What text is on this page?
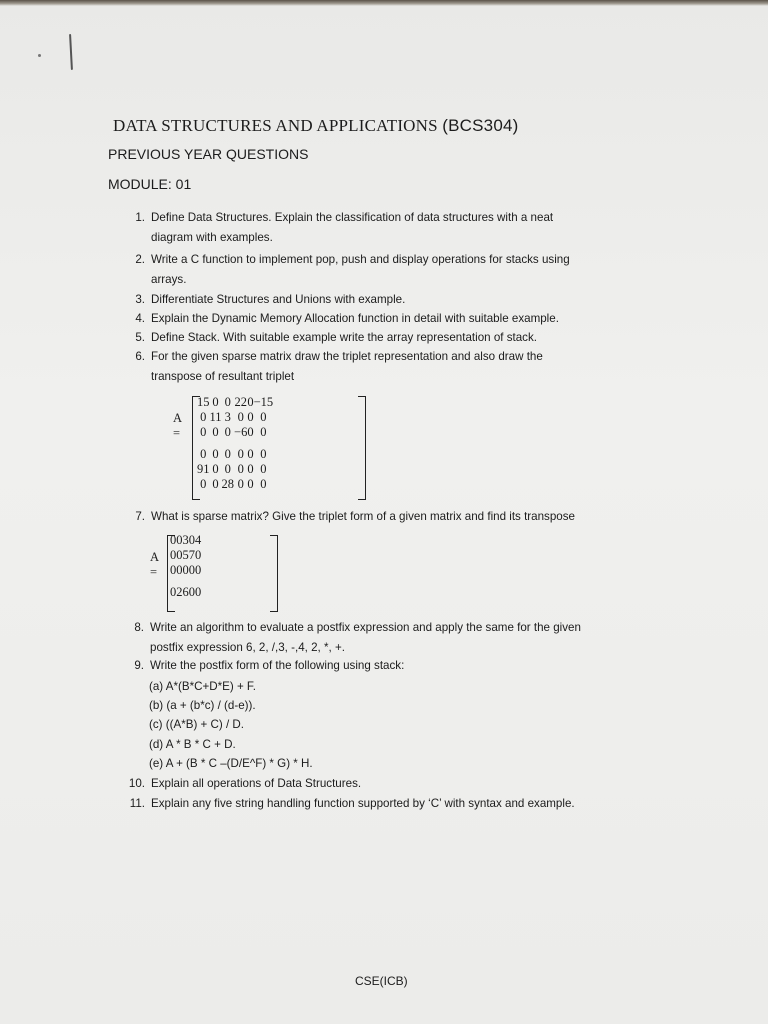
DATA STRUCTURES AND APPLICATIONS (BCS304)
PREVIOUS YEAR QUESTIONS
MODULE: 01
1. Define Data Structures. Explain the classification of data structures with a neat
diagram with examples.
2. Write a C function to implement pop, push and display operations for stacks using
arrays.
3. Differentiate Structures and Unions with example.
4. Explain the Dynamic Memory Allocation function in detail with suitable example.
5. Define Stack. With suitable example write the array representation of stack.
6. For the given sparse matrix draw the triplet representation and also draw the
transpose of resultant triplet
A =
15	0	0	22	0	−15
0	11	3	0	0	0
0	0	0	−6	0	0
0	0	0	0	0	0
91	0	0	0	0	0
0	0	28	0	0	0
7. What is sparse matrix? Give the triplet form of a given matrix and find its transpose
A =
0	0	3	0	4
0	0	5	7	0
0	0	0	0	0
0	2	6	0	0
8. Write an algorithm to evaluate a postfix expression and apply the same for the given
postfix expression 6, 2, /,3, -,4, 2, *, +.
9. Write the postfix form of the following using stack:
(a) A*(B*C+D*E) + F.
(b) (a + (b*c) / (d-e)).
(c) ((A*B) + C) / D.
(d) A * B * C + D.
(e) A + (B * C –(D/E^F) * G) * H.
10. Explain all operations of Data Structures.
11. Explain any five string handling function supported by ‘C’ with syntax and example.
CSE(ICB)
